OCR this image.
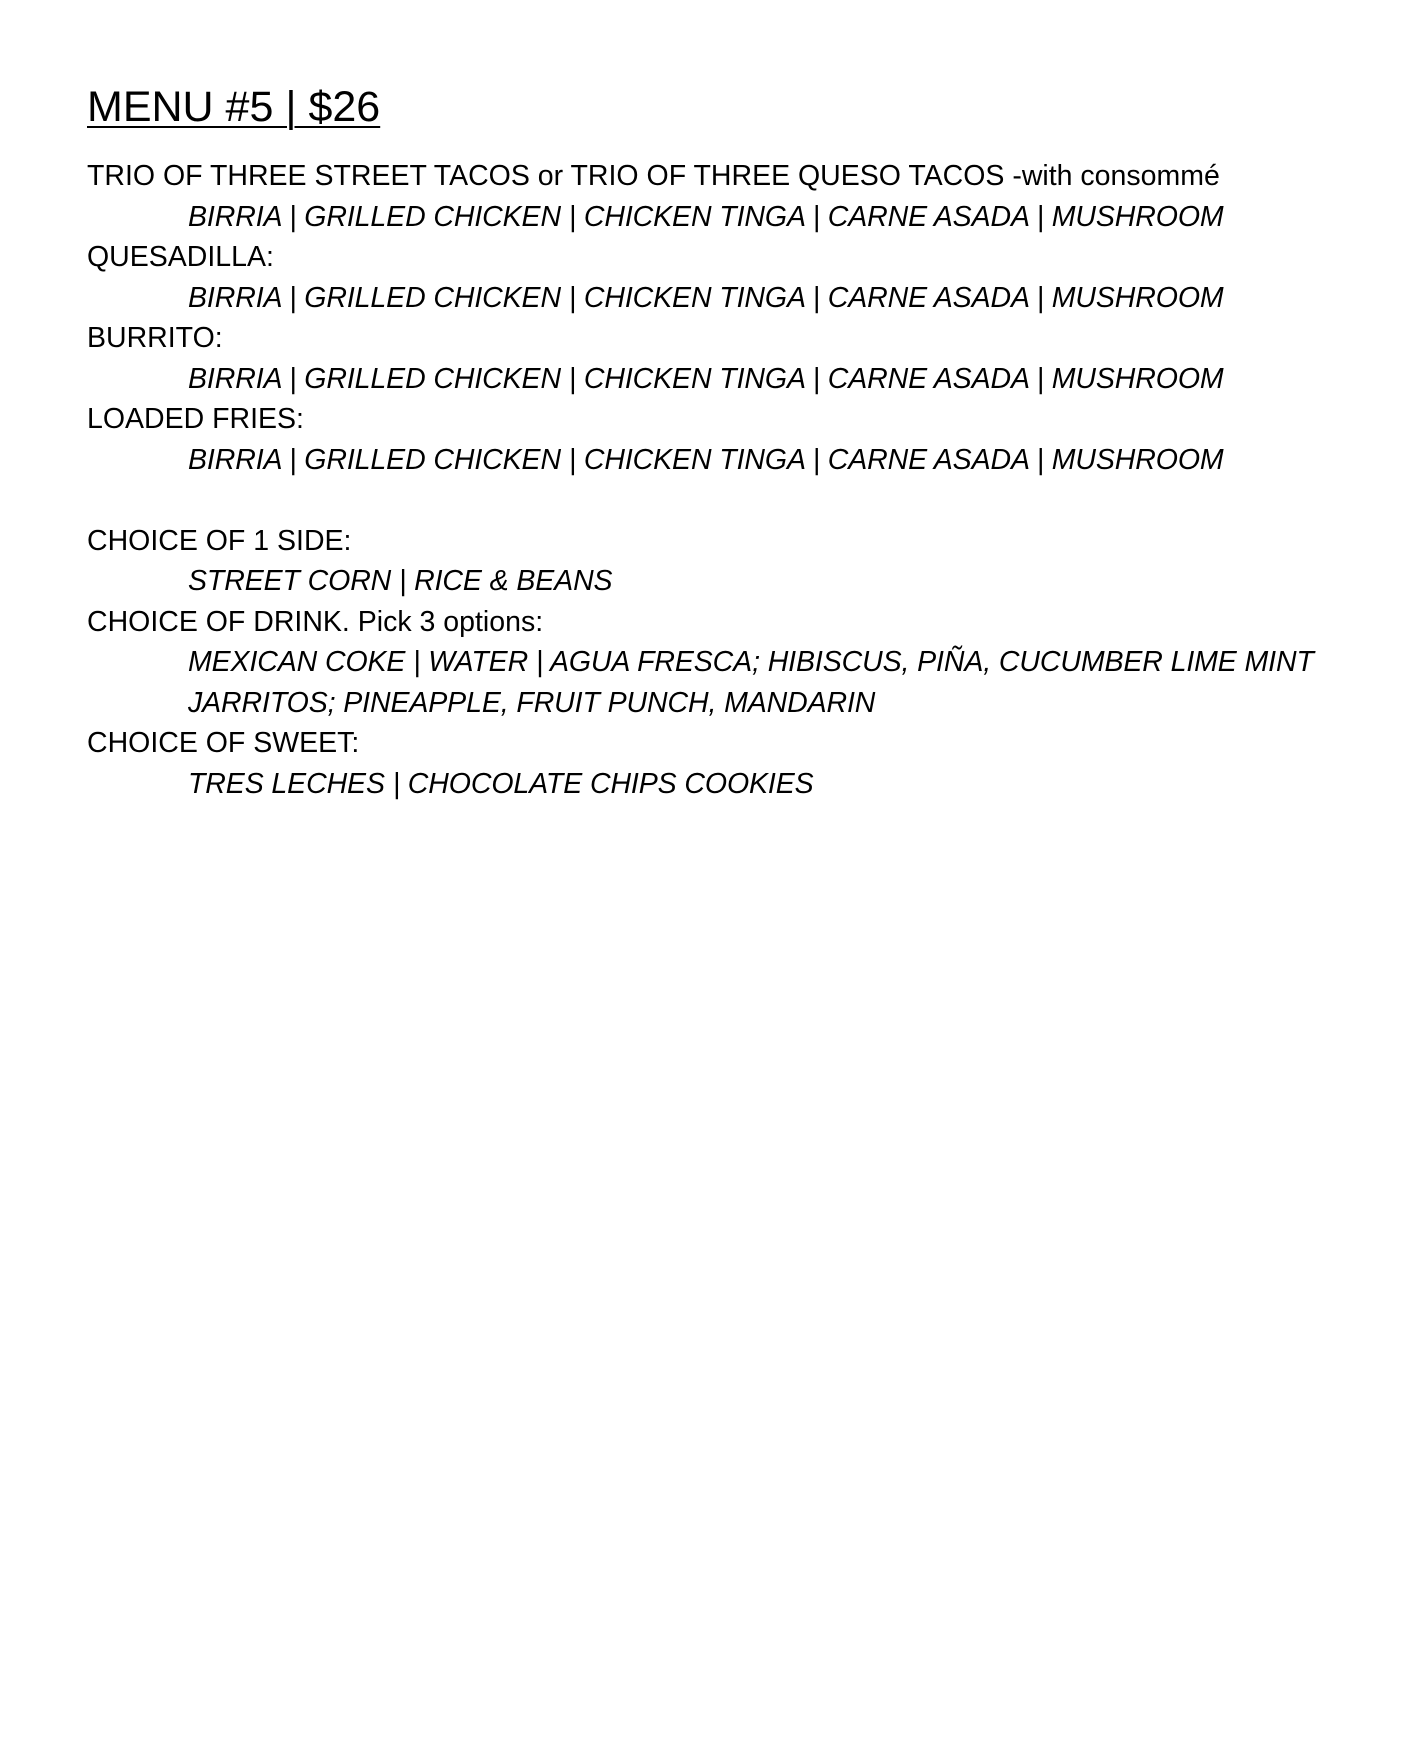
MENU #5 | $26
TRIO OF THREE STREET TACOS or TRIO OF THREE QUESO TACOS -with consommé
BIRRIA | GRILLED CHICKEN | CHICKEN TINGA | CARNE ASADA | MUSHROOM
QUESADILLA:
BIRRIA | GRILLED CHICKEN | CHICKEN TINGA | CARNE ASADA | MUSHROOM
BURRITO:
BIRRIA | GRILLED CHICKEN | CHICKEN TINGA | CARNE ASADA | MUSHROOM
LOADED FRIES:
BIRRIA | GRILLED CHICKEN | CHICKEN TINGA | CARNE ASADA | MUSHROOM
CHOICE OF 1 SIDE:
STREET CORN | RICE & BEANS
CHOICE OF DRINK. Pick 3 options:
MEXICAN COKE | WATER | AGUA FRESCA; HIBISCUS, PIÑA, CUCUMBER LIME MINT
JARRITOS; PINEAPPLE, FRUIT PUNCH, MANDARIN
CHOICE OF SWEET:
TRES LECHES | CHOCOLATE CHIPS COOKIES
